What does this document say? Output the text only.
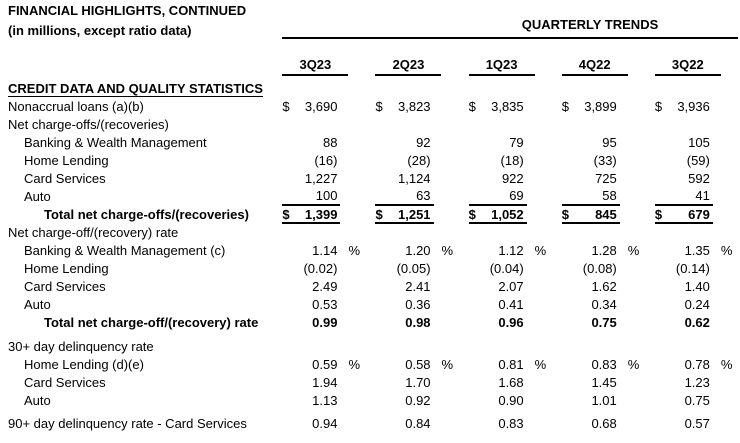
FINANCIAL HIGHLIGHTS, CONTINUED
(in millions, except ratio data)	QUARTERLY TRENDS

	3Q23			2Q23			1Q23			4Q22			3Q22		

CREDIT DATA AND QUALITY STATISTICS															
Nonaccrual loans (a)(b)	$	3,690		$	3,823		$	3,835		$	3,899		$	3,936	
Net charge-offs/(recoveries)															
Banking & Wealth Management		88			92			79			95			105	
Home Lending		(16)			(28)			(18)			(33)			(59)	
Card Services		1,227			1,124			922			725			592	
Auto		100			63			69			58			41	
Total net charge-offs/(recoveries)	$	1,399		$	1,251		$	1,052		$	845		$	679	
Net charge-off/(recovery) rate															
Banking & Wealth Management (c)		1.14	%		1.20	%		1.12	%		1.28	%		1.35	%
Home Lending		(0.02)			(0.05)			(0.04)			(0.08)			(0.14)	
Card Services		2.49			2.41			2.07			1.62			1.40	
Auto		0.53			0.36			0.41			0.34			0.24	
Total net charge-off/(recovery) rate		0.99			0.98			0.96			0.75			0.62	

30+ day delinquency rate															
Home Lending (d)(e)		0.59	%		0.58	%		0.81	%		0.83	%		0.78	%
Card Services		1.94			1.70			1.68			1.45			1.23	
Auto		1.13			0.92			0.90			1.01			0.75	

90+ day delinquency rate - Card Services		0.94			0.84			0.83			0.68			0.57	
